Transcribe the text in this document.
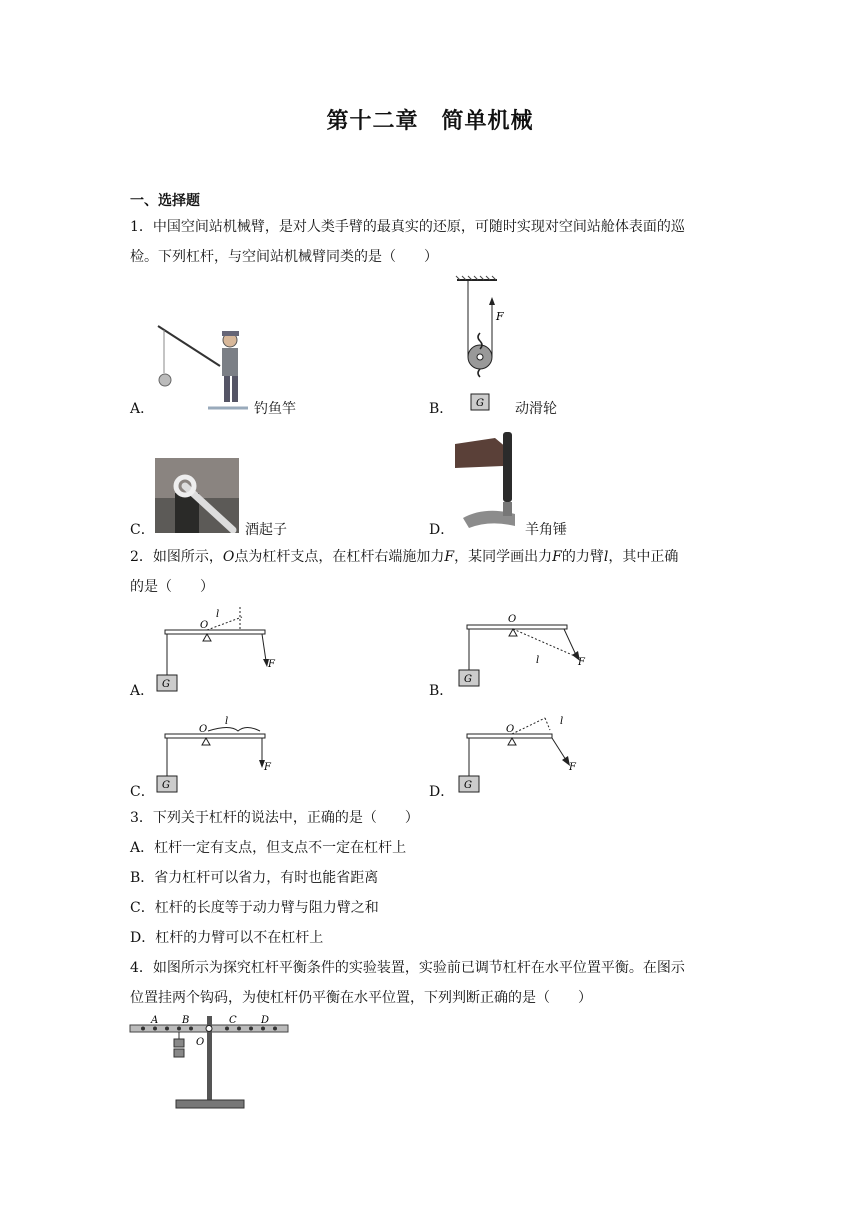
第十二章　简单机械
一、选择题
1．中国空间站机械臂，是对人类手臂的最真实的还原，可随时实现对空间站舱体表面的巡
检。下列杠杆，与空间站机械臂同类的是（　　）
A．	钓鱼竿	B．
F
G 动滑轮
C．	酒起子	D．	羊角锤
2．如图所示，O点为杠杆支点，在杠杆右端施加力F，某同学画出力F的力臂l，其中正确
的是（　　）
A． G
O
l
F
B．
G
O
F
l
C． G
O
l
F
D． G
O
l
F
3．下列关于杠杆的说法中，正确的是（　　）
A．杠杆一定有支点，但支点不一定在杠杆上
B．省力杠杆可以省力，有时也能省距离
C．杠杆的长度等于动力臂与阻力臂之和
D．杠杆的力臂可以不在杠杆上
4．如图所示为探究杠杆平衡条件的实验装置，实验前已调节杠杆在水平位置平衡。在图示
位置挂两个钩码，为使杠杆仍平衡在水平位置，下列判断正确的是（　　）
A B	C D
O
